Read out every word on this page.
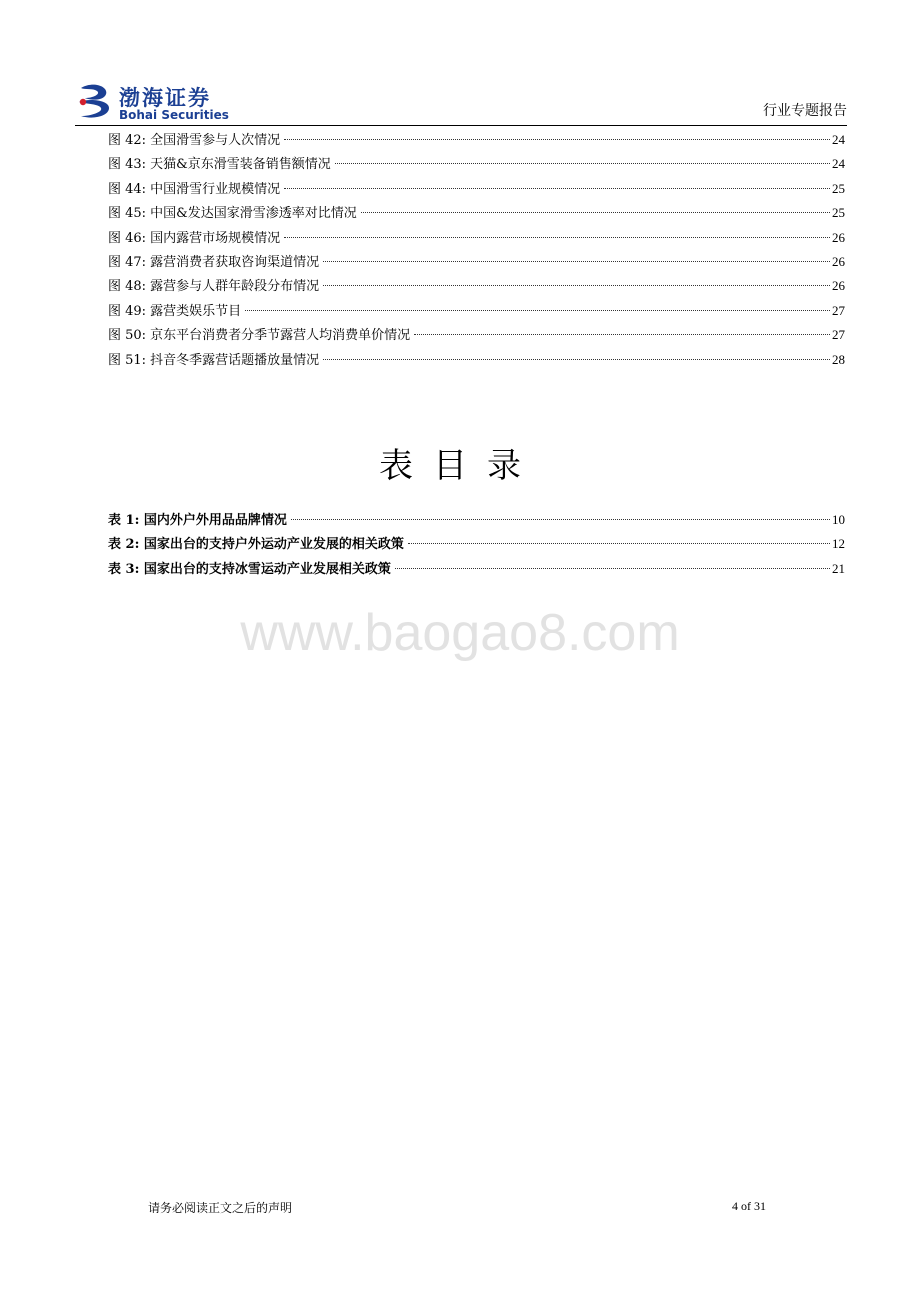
渤海证券
Bohai Securities	行业专题报告
图 42: 全国滑雪参与人次情况	24
图 43: 天猫&京东滑雪装备销售额情况	24
图 44: 中国滑雪行业规模情况	25
图 45: 中国&发达国家滑雪渗透率对比情况	25
图 46: 国内露营市场规模情况	26
图 47: 露营消费者获取咨询渠道情况	26
图 48: 露营参与人群年龄段分布情况	26
图 49: 露营类娱乐节目	27
图 50: 京东平台消费者分季节露营人均消费单价情况	27
图 51: 抖音冬季露营话题播放量情况	28
表目录
表 1: 国内外户外用品品牌情况	10
表 2: 国家出台的支持户外运动产业发展的相关政策	12
表 3: 国家出台的支持冰雪运动产业发展相关政策	21
www.baogao8.com
请务必阅读正文之后的声明	4 of 31
